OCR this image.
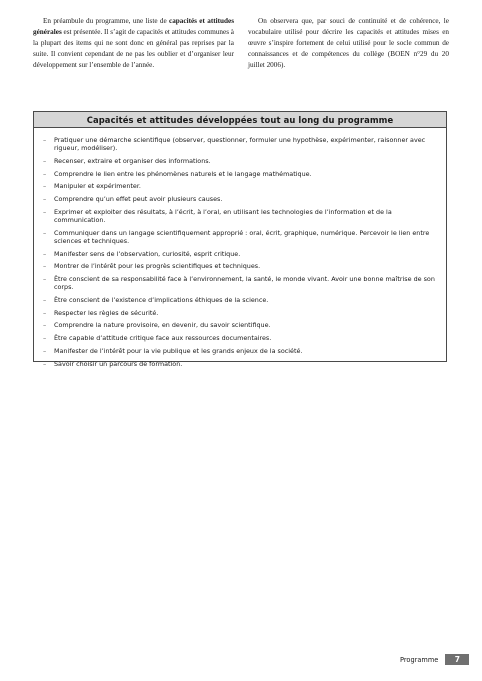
En préambule du programme, une liste de capacités et attitudes générales est présentée. Il s’agit de capacités et attitudes communes à la plupart des items qui ne sont donc en général pas reprises par la suite. Il convient cependant de ne pas les oublier et d’organiser leur développement sur l’ensemble de l’année.

On observera que, par souci de continuité et de cohérence, le vocabulaire utilisé pour décrire les capacités et attitudes mises en œuvre s’inspire fortement de celui utilisé pour le socle commun de connaissances et de compétences du collège (BOEN n°29 du 20 juillet 2006).

Capacités et attitudes développées tout au long du programme
–	Pratiquer une démarche scientifique (observer, questionner, formuler une hypothèse, expérimenter, raisonner avec rigueur, modéliser).
–	Recenser, extraire et organiser des informations.
–	Comprendre le lien entre les phénomènes naturels et le langage mathématique.
–	Manipuler et expérimenter.
–	Comprendre qu’un effet peut avoir plusieurs causes.
–	Exprimer et exploiter des résultats, à l’écrit, à l’oral, en utilisant les technologies de l’information et de la communication.
–	Communiquer dans un langage scientifiquement approprié : oral, écrit, graphique, numérique. Percevoir le lien entre sciences et techniques.
–	Manifester sens de l’observation, curiosité, esprit critique.
–	Montrer de l’intérêt pour les progrès scientifiques et techniques.
–	Être conscient de sa responsabilité face à l’environnement, la santé, le monde vivant. Avoir une bonne maîtrise de son corps.
–	Être conscient de l’existence d’implications éthiques de la science.
–	Respecter les règles de sécurité.
–	Comprendre la nature provisoire, en devenir, du savoir scientifique.
–	Être capable d’attitude critique face aux ressources documentaires.
–	Manifester de l’intérêt pour la vie publique et les grands enjeux de la société.
–	Savoir choisir un parcours de formation.
Programme	7
